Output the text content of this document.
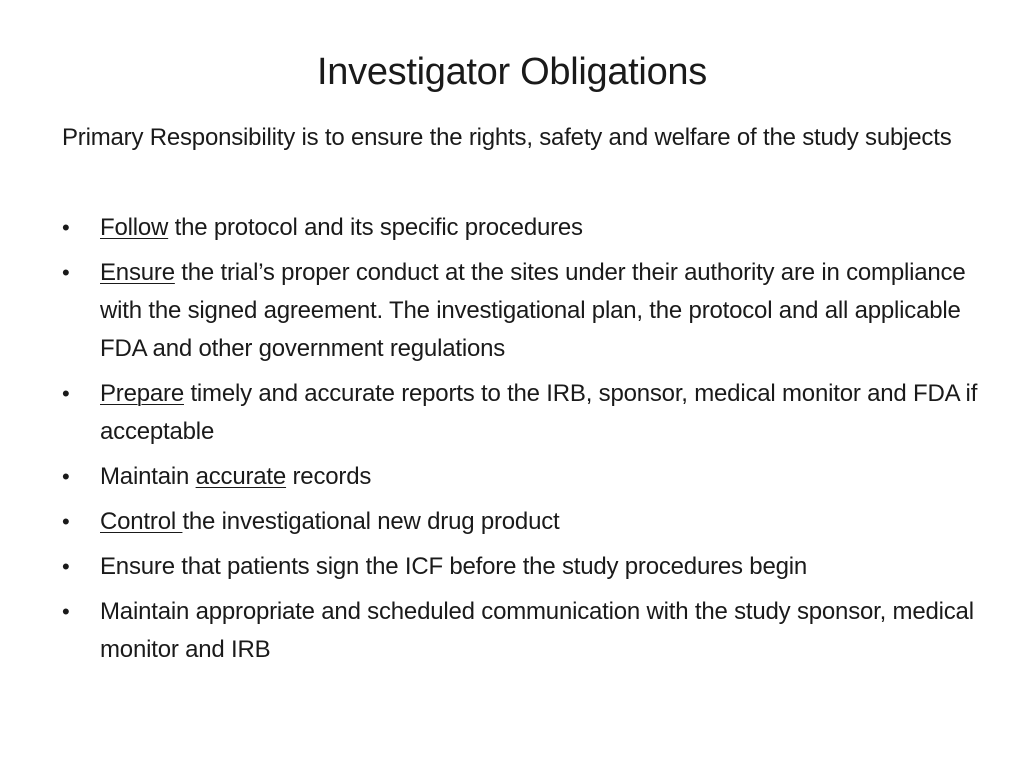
Investigator Obligations

Primary Responsibility is to ensure the rights, safety and welfare of the study subjects

•	Follow the protocol and its specific procedures
•	Ensure the trial’s proper conduct at the sites under their authority are in compliance with the signed agreement. The investigational plan, the protocol and all applicable FDA and other government regulations
•	Prepare timely and accurate reports to the IRB, sponsor, medical monitor and FDA if acceptable
•	Maintain accurate records
•	Control the investigational new drug product
•	Ensure that patients sign the ICF before the study procedures begin
•	Maintain appropriate and scheduled communication with the study sponsor, medical monitor and IRB
